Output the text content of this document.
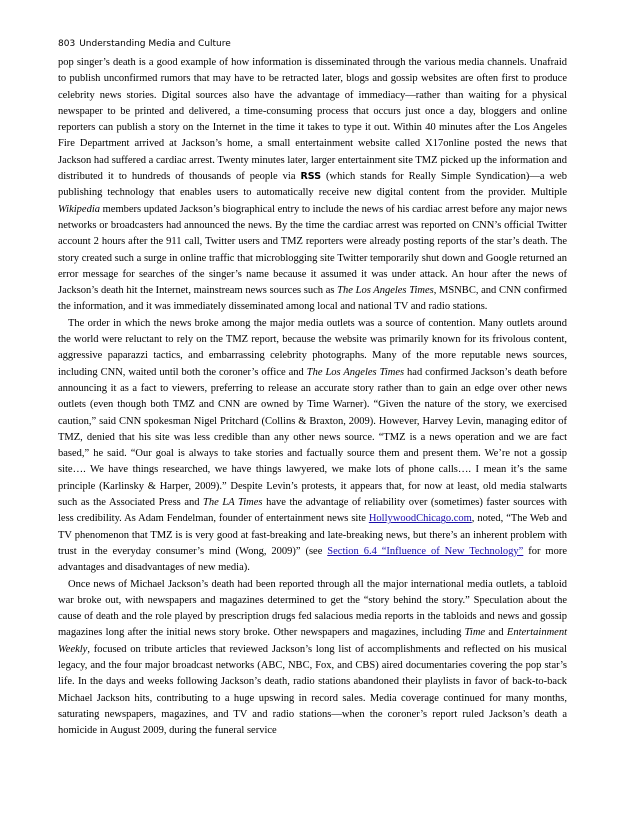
803 Understanding Media and Culture

pop singer’s death is a good example of how information is disseminated through the various media channels. Unafraid to publish unconfirmed rumors that may have to be retracted later, blogs and gossip websites are often first to produce celebrity news stories. Digital sources also have the advantage of immediacy—rather than waiting for a physical newspaper to be printed and delivered, a time-consuming process that occurs just once a day, bloggers and online reporters can publish a story on the Internet in the time it takes to type it out. Within 40 minutes after the Los Angeles Fire Department arrived at Jackson’s home, a small entertainment website called X17online posted the news that Jackson had suffered a cardiac arrest. Twenty minutes later, larger entertainment site TMZ picked up the information and distributed it to hundreds of thousands of people via RSS (which stands for Really Simple Syndication)—a web publishing technology that enables users to automatically receive new digital content from the provider. Multiple Wikipedia members updated Jackson’s biographical entry to include the news of his cardiac arrest before any major news networks or broadcasters had announced the news. By the time the cardiac arrest was reported on CNN’s official Twitter account 2 hours after the 911 call, Twitter users and TMZ reporters were already posting reports of the star’s death. The story created such a surge in online traffic that microblogging site Twitter temporarily shut down and Google returned an error message for searches of the singer’s name because it assumed it was under attack. An hour after the news of Jackson’s death hit the Internet, mainstream news sources such as The Los Angeles Times, MSNBC, and CNN confirmed the information, and it was immediately disseminated among local and national TV and radio stations.

The order in which the news broke among the major media outlets was a source of contention. Many outlets around the world were reluctant to rely on the TMZ report, because the website was primarily known for its frivolous content, aggressive paparazzi tactics, and embarrassing celebrity photographs. Many of the more reputable news sources, including CNN, waited until both the coroner’s office and The Los Angeles Times had confirmed Jackson’s death before announcing it as a fact to viewers, preferring to release an accurate story rather than to gain an edge over other news outlets (even though both TMZ and CNN are owned by Time Warner). “Given the nature of the story, we exercised caution,” said CNN spokesman Nigel Pritchard (Collins & Braxton, 2009). However, Harvey Levin, managing editor of TMZ, denied that his site was less credible than any other news source. “TMZ is a news operation and we are fact based,” he said. “Our goal is always to take stories and factually source them and present them. We’re not a gossip site…. We have things researched, we have things lawyered, we make lots of phone calls…. I mean it’s the same principle (Karlinsky & Harper, 2009).” Despite Levin’s protests, it appears that, for now at least, old media stalwarts such as the Associated Press and The LA Times have the advantage of reliability over (sometimes) faster sources with less credibility. As Adam Fendelman, founder of entertainment news site HollywoodChicago.com, noted, “The Web and TV phenomenon that TMZ is is very good at fast-breaking and late-breaking news, but there’s an inherent problem with trust in the everyday consumer’s mind (Wong, 2009)” (see Section 6.4 “Influence of New Technology” for more advantages and disadvantages of new media).

Once news of Michael Jackson’s death had been reported through all the major international media outlets, a tabloid war broke out, with newspapers and magazines determined to get the “story behind the story.” Speculation about the cause of death and the role played by prescription drugs fed salacious media reports in the tabloids and news and gossip magazines long after the initial news story broke. Other newspapers and magazines, including Time and Entertainment Weekly, focused on tribute articles that reviewed Jackson’s long list of accomplishments and reflected on his musical legacy, and the four major broadcast networks (ABC, NBC, Fox, and CBS) aired documentaries covering the pop star’s life. In the days and weeks following Jackson’s death, radio stations abandoned their playlists in favor of back-to-back Michael Jackson hits, contributing to a huge upswing in record sales. Media coverage continued for many months, saturating newspapers, magazines, and TV and radio stations—when the coroner’s report ruled Jackson’s death a homicide in August 2009, during the funeral service
